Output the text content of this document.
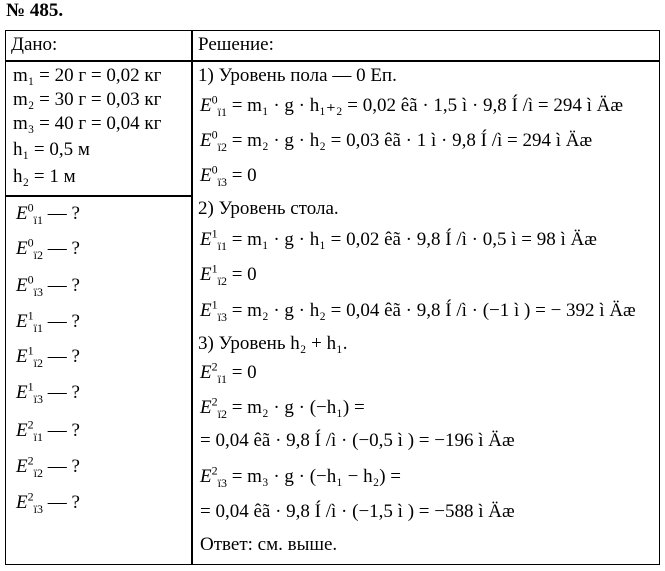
№ 485.
Дано:	Решение:
m₁ = 20 г = 0,02 кг
m₂ = 30 г = 0,03 кг
m₃ = 40 г = 0,04 кг
h₁ = 0,5 м
h₂ = 1 м
$E^0_{ï1}$ — ?
$E^0_{ï2}$ — ?
$E^0_{ï3}$ — ?
$E^1_{ï1}$ — ?
$E^1_{ï2}$ — ?
$E^1_{ï3}$ — ?
$E^2_{ï1}$ — ?
$E^2_{ï2}$ — ?
$E^2_{ï3}$ — ?
1) Уровень пола — 0 Eп.
$E^0_{ï1} = m_1 \cdot g \cdot h_{1+2} = 0,02$ êã · 1,5 ì · 9,8 Í /ì = 294 ì Äæ
$E^0_{ï2} = m_2 \cdot g \cdot h_2 = 0,03$ êã · 1 ì · 9,8 Í /ì = 294 ì Äæ
$E^0_{ï3} = 0$
2) Уровень стола.
$E^1_{ï1} = m_1 \cdot g \cdot h_1 = 0,02$ êã · 9,8 Í /ì · 0,5 ì = 98 ì Äæ
$E^1_{ï2} = 0$
$E^1_{ï3} = m_2 \cdot g \cdot h_2 = 0,04$ êã · 9,8 Í /ì · (−1 ì ) = − 392 ì Äæ
3) Уровень h₂ + h₁.
$E^2_{ï1} = 0$
$E^2_{ï2} = m_2 \cdot g \cdot (-h_1)$ =
= 0,04 êã · 9,8 Í /ì · (−0,5 ì ) = −196 ì Äæ
$E^2_{ï3} = m_3 \cdot g \cdot (-h_1 - h_2)$ =
= 0,04 êã · 9,8 Í /ì · (−1,5 ì ) = −588 ì Äæ
Ответ: см. выше.
